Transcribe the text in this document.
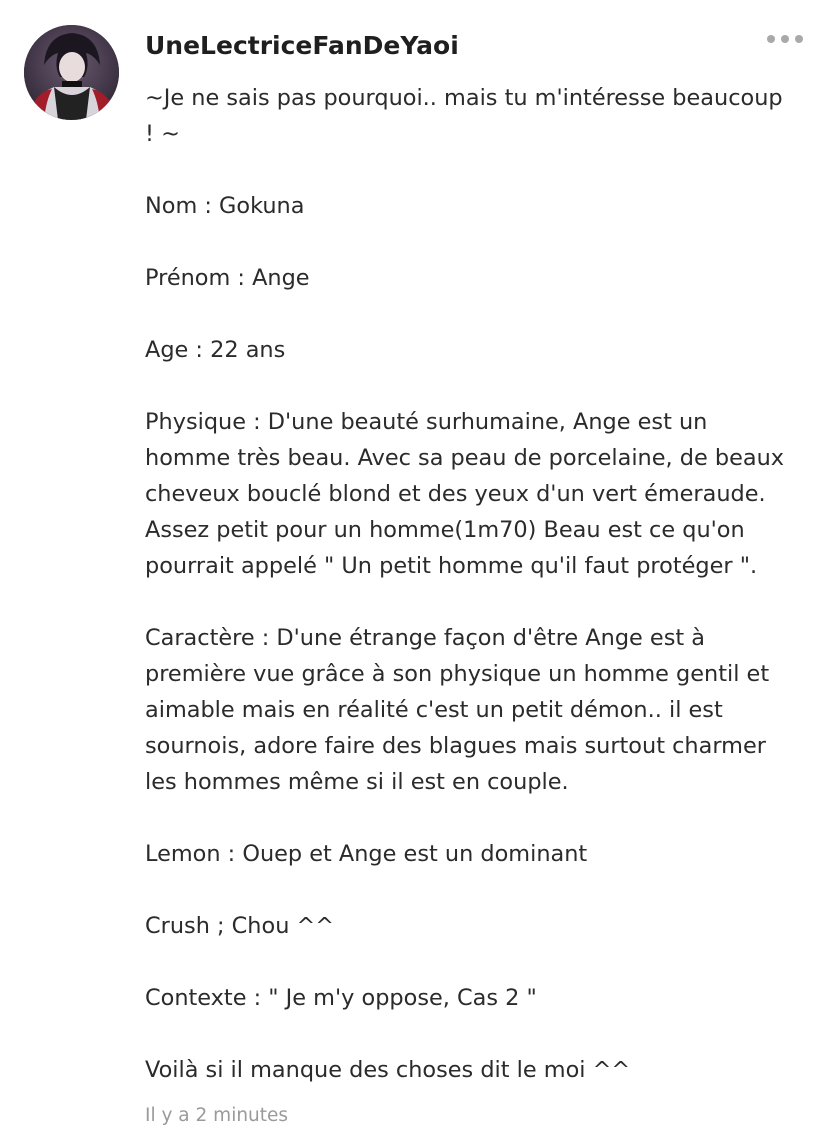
UneLectriceFanDeYaoi

~Je ne sais pas pourquoi.. mais tu m'intéresse beaucoup
! ~

Nom : Gokuna

Prénom : Ange

Age : 22 ans

Physique : D'une beauté surhumaine, Ange est un
homme très beau. Avec sa peau de porcelaine, de beaux
cheveux bouclé blond et des yeux d'un vert émeraude.
Assez petit pour un homme(1m70) Beau est ce qu'on
pourrait appelé " Un petit homme qu'il faut protéger ".

Caractère : D'une étrange façon d'être Ange est à
première vue grâce à son physique un homme gentil et
aimable mais en réalité c'est un petit démon.. il est
sournois, adore faire des blagues mais surtout charmer
les hommes même si il est en couple.

Lemon : Ouep et Ange est un dominant

Crush ; Chou ^^

Contexte : " Je m'y oppose, Cas 2 "

Voilà si il manque des choses dit le moi ^^

Il y a 2 minutes
